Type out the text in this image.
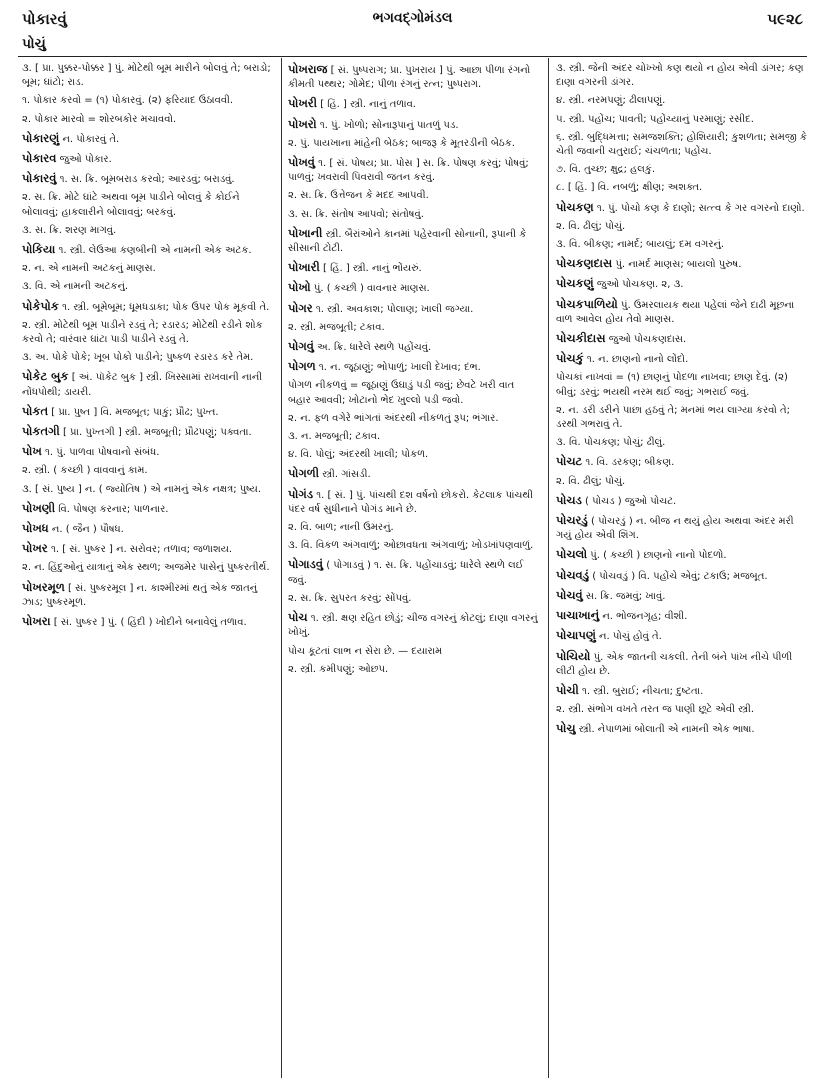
પોકારવું	ભગવદ્ગોમંડલ	૫૯૨૮
પોચું
૩. [ પ્રા. પુક્કર-પોક્કર ] પું. મોટેથી બૂમ મારીને બોલવું તે; બરાડો; બૂમ; ઘાંટો; રાડ.
૧. પોકાર કરવો = (૧) પોકારવું. (૨) ફરિયાદ ઉઠાવવી.
૨. પોકાર મારવો = શોરબકોર મચાવવો.
પોકારણું ન. પોકારવું તે.
પોકારવ જુઓ પોકાર.
પોકારવું ૧. સ. ક્રિ. બૂમબરાડ કરવો; આરડવું; બરાડવું.
૨. સ. ક્રિ. મોટે ઘાંટે અથવા બૂમ પાડીને બોલવું કે કોઈને બોલાવવું; હાકલારીને બોલાવવું; બરકવું.
૩. સ. ક્રિ. શરણ માગવું.
પોકિયા ૧. સ્ત્રી. લેઉઆ કણબીની એ નામની એક અટક.
૨. ન. એ નામની અટકનું માણસ.
૩. વિ. એ નામની અટકનું.
પોકેપોક ૧. સ્ત્રી. બૂમેબૂમ; ધૂમધડાકા; પોક ઉપર પોક મૂકવી તે.
૨. સ્ત્રી. મોટેથી બૂમ પાડીને રડવું તે; રડારડ; મોટેથી રડીને શોક કરવો તે; વારંવાર ઘાંટા પાડી પાડીને રડવું તે.
૩. અ. પોકે પોકે; ખૂબ પોકો પાડીને; પુષ્કળ રડારડ કરે તેમ.
પોકેટ બુક [ અં. પૉકેટ બુક ] સ્ત્રી. ખિસ્સામાં રાખવાની નાની નોંધપોથી; ડાયરી.
પોકત [ પ્રા. પુષ્ત ] વિ. મજબૂત; પાકું; પ્રૌઢ; પુખ્ત.
પોકતગી [ પ્રા. પુખ્તગી ] સ્ત્રી. મજબૂતી; પ્રૌઢપણું; પક્વતા.
પોખ ૧. પું. પાળવા પોષવાનો સંબંધ.
૨. સ્ત્રી. ( કચ્છી ) વાવવાનું કામ.
૩. [ સં. પુષ્ય ] ન. ( જ્યોતિષ ) એ નામનું એક નક્ષત્ર; પુષ્ય.
પોખણી વિ. પોષણ કરનાર; પાળનાર.
પોખધ ન. ( જૈન ) પૌષધ.
પોખર ૧. [ સં. પુષ્કર ] ન. સરોવર; તળાવ; જળાશય.
૨. ન. હિંદુઓનું યાત્રાનું એક સ્થળ; અજમેર પાસેનું પુષ્કરતીર્થ.
પોખરમૂળ [ સં. પુષ્કરમૂલ ] ન. કાશ્મીરમાં થતું એક જાતનું ઝાડ; પુષ્કરમૂળ.
પોખરા [ સં. પુષ્કર ] પું. ( હિંદી ) ખોદીને બનાવેલું તળાવ.
પોખરાજ [ સં. પુષ્પરાગ; પ્રા. પુખરાય ] પું. આછા પીળા રંગનો કીમતી પથ્થર; ગોમેદ; પીળા રંગનું રત્ન; પુષ્પરાગ.
પોખરી [ હિં. ] સ્ત્રી. નાનું તળાવ.
પોખરો ૧. પું. ખોળો; સોનારૂપાનું પાતળું પડ.
૨. પું. પાયખાના માંહેની બેઠક; બાજરૂ કે મૂતરડીની બેઠક.
પોખવું ૧. [ સં. પોષય; પ્રા. પોસ ] સ. ક્રિ. પોષણ કરવું; પોષવું; પાળવું; ખવરાવી પિવરાવી જતન કરવું.
૨. સ. ક્રિ. ઉત્તેજન કે મદદ આપવી.
૩. સ. ક્રિ. સંતોષ આપવો; સંતોષવું.
પોખાની સ્ત્રી. બૈરાંઓને કાનમાં પહેરવાની સોનાની, રૂપાની કે સીસાની ટોટી.
પોખારી [ હિં. ] સ્ત્રી. નાનું ભોંયરું.
પોખો પું. ( કચ્છી ) વાવનાર માણસ.
પોગર ૧. સ્ત્રી. અવકાશ; પોલાણ; ખાલી જગ્યા.
૨. સ્ત્રી. મજબૂતી; ટકાવ.
પોગવું અ. ક્રિ. ધારેલે સ્થળે પહોંચવું.
પોગળ ૧. ન. જૂઠાણું; ભોપાળું; ખાલી દેખાવ; દંભ.
પોગળ નીકળવું = જૂઠાણું ઉઘાડું પડી જવું; છેવટે ખરી વાત બહાર આવવી; ખોટાનો ભેદ ખુલ્લો પડી જવો.
૨. ન. ફળ વગેરે ભાંગતાં અંદરથી નીકળતું રૂપ; ભંગાર.
૩. ન. મજબૂતી; ટકાવ.
૪. વિ. પોલું; અંદરથી ખાલી; પોકળ.
પોગળી સ્ત્રી. ગાંસડી.
પોગંડ ૧. [ સં. ] પું. પાંચથી દશ વર્ષનો છોકરો. કેટલાક પાંચથી પંદર વર્ષ સુધીનાને પોગંડ માને છે.
૨. વિ. બાળ; નાની ઉમરનું.
૩. વિ. વિકળ અંગવાળું; ઓછાવધતા અંગવાળું; ખોડખાંપણવાળું.
પોગાડવું ( પોગાડવું ) ૧. સ. ક્રિ. પહોંચાડવું; ધારેલે સ્થળે લઈ જવું.
૨. સ. ક્રિ. સુપરત કરવું; સોંપવું.
પોચ ૧. સ્ત્રી. ક્ષણ રહિત છોડું; ચીજ વગરનું કોટલું; દાણા વગરનું ખોખું.
પોચ કૂટતાં લાભ ન સેરા છે. — દયારામ
૨. સ્ત્રી. કમીપણું; ઓછપ.
૩. સ્ત્રી. જેની અંદર ચોખ્ખો કણ થયો ન હોય એવી ડાંગર; કણ દાણા વગરની ડાંગર.
૪. સ્ત્રી. નરમપણું; ઢીલાપણું.
૫. સ્ત્રી. પહોંચ; પાવતી; પહોંચ્યાનું પરમાણું; રસીદ.
૬. સ્ત્રી. બુદ્ધિમત્તા; સમજશક્તિ; હોશિયારી; કુશળતા; સમજી કે ચેતી જવાની ચતુરાઈ; ચંચળતા; પહોંચ.
૭. વિ. તુચ્છ; ક્ષુદ્ર; હલકું.
૮. [ હિં. ] વિ. નબળું; ક્ષીણ; અશક્ત.
પોચકણ ૧. પું. પોચો કણ કે દાણો; સત્ત્વ કે ગર વગરનો દાણો.
૨. વિ. ઢીલું; પોચું.
૩. વિ. બીકણ; નામર્દ; બાયલું; દમ વગરનું.
પોચકણદાસ પું. નામર્દ માણસ; બાયલો પુરુષ.
પોચકણું જુઓ પોચકણ. ૨, ૩.
પોચકપાળિયો પું. ઉમરલાયક થયા પહેલાં જેને દાઢી મૂછના વાળ આવેલ હોય તેવો માણસ.
પોચકીદાસ જુઓ પોચકણદાસ.
પોચકું ૧. ન. છાણનો નાનો લોંદો.
પોચકાં નાખવાં = (૧) છાણનું પોદળા નાખવા; છાણ દેવું. (૨) બીવું; ડરવું; ભયથી નરમ થઈ જવું; ગભરાઈ જવું.
૨. ન. ડરી ડરીને પાછા હઠવું તે; મનમાં ભય લાગ્યા કરવો તે; ડરથી ગભરાવું તે.
૩. વિ. પોચકણ; પોચું; ઢીલું.
પોચટ ૧. વિ. ડરકણ; બીકણ.
૨. વિ. ઢીલું; પોચું.
પોચડ ( પોચડ ) જુઓ પોચટ.
પોચરડું ( પોચરડું ) ન. બીજ ન થયું હોય અથવા અંદર મરી ગયું હોય એવી શિંગ.
પોચલો પું. ( કચ્છી ) છાણનો નાનો પોદળો.
પોચવડું ( પોચવડું ) વિ. પહોંચે એવું; ટકાઉ; મજબૂત.
પોચવું સ. ક્રિ. જમવું; ખાવું.
પાચાખાનું ન. ભોજનગૃહ; વીશી.
પોચાપણું ન. પોચું હોવું તે.
પોચિયો પું. એક જાતની ચકલી. તેની બંને પાંખ નીચે પીળી લીટી હોય છે.
પોચી ૧. સ્ત્રી. બુરાઈ; નીચતા; દુષ્ટતા.
૨. સ્ત્રી. સંભોગ વખતે તરત જ પાણી છૂટે એવી સ્ત્રી.
પોચુ સ્ત્રી. નેપાળમાં બોલાતી એ નામની એક ભાષા.
